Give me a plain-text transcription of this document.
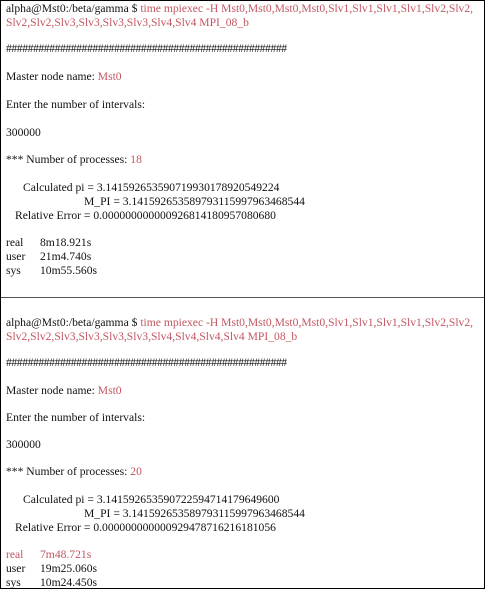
alpha@Mst0:/beta/gamma $ time mpiexec -H Mst0,Mst0,Mst0,Mst0,Slv1,Slv1,Slv1,Slv1,Slv2,Slv2,
Slv2,Slv2,Slv3,Slv3,Slv3,Slv3,Slv4,Slv4 MPI_08_b
####################################################
Master node name: Mst0
Enter the number of intervals:
300000
*** Number of processes: 18
Calculated pi = 3.141592653590719930178920549224
M_PI = 3.141592653589793115997963468544
Relative Error = 0.000000000000926814180957080680
real 8m18.921s
user 21m4.740s
sys 10m55.560s
alpha@Mst0:/beta/gamma $ time mpiexec -H Mst0,Mst0,Mst0,Mst0,Slv1,Slv1,Slv1,Slv1,Slv2,Slv2,
Slv2,Slv2,Slv3,Slv3,Slv3,Slv3,Slv4,Slv4,Slv4,Slv4 MPI_08_b
####################################################
Master node name: Mst0
Enter the number of intervals:
300000
*** Number of processes: 20
Calculated pi = 3.141592653590722594714179649600
M_PI = 3.141592653589793115997963468544
Relative Error = 0.000000000000929478716216181056
real 7m48.721s
user 19m25.060s
sys 10m24.450s
